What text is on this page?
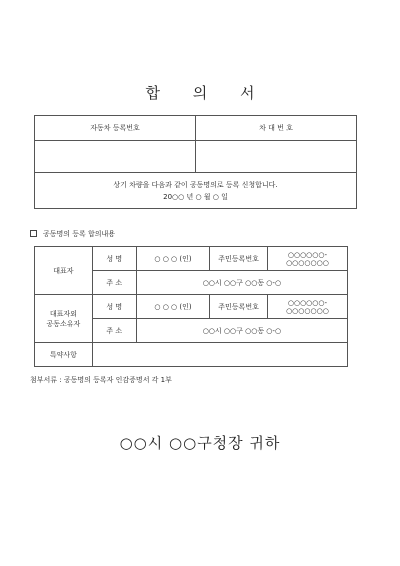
합 의 서
자동차 등록번호	차 대 번 호

상기 차량을 다음과 같이 공동명의로 등록 신청합니다.
20○○ 년 ○ 월 ○ 일	
공동명의 등록 합의내용
대표자	성 명	○ ○ ○ (인)	주민등록번호	○○○○○○-○○○○○○○
	주 소	○○시 ○○구 ○○동 ○-○		

대표자외
공동소유자	성 명	○ ○ ○ (인)	주민등록번호	○○○○○○-○○○○○○○
	주 소	○○시 ○○구 ○○동 ○-○		
특약사항				
첨부서류 : 공동명의 등록자 인감증명서 각 1부
○○시 ○○구청장 귀하
